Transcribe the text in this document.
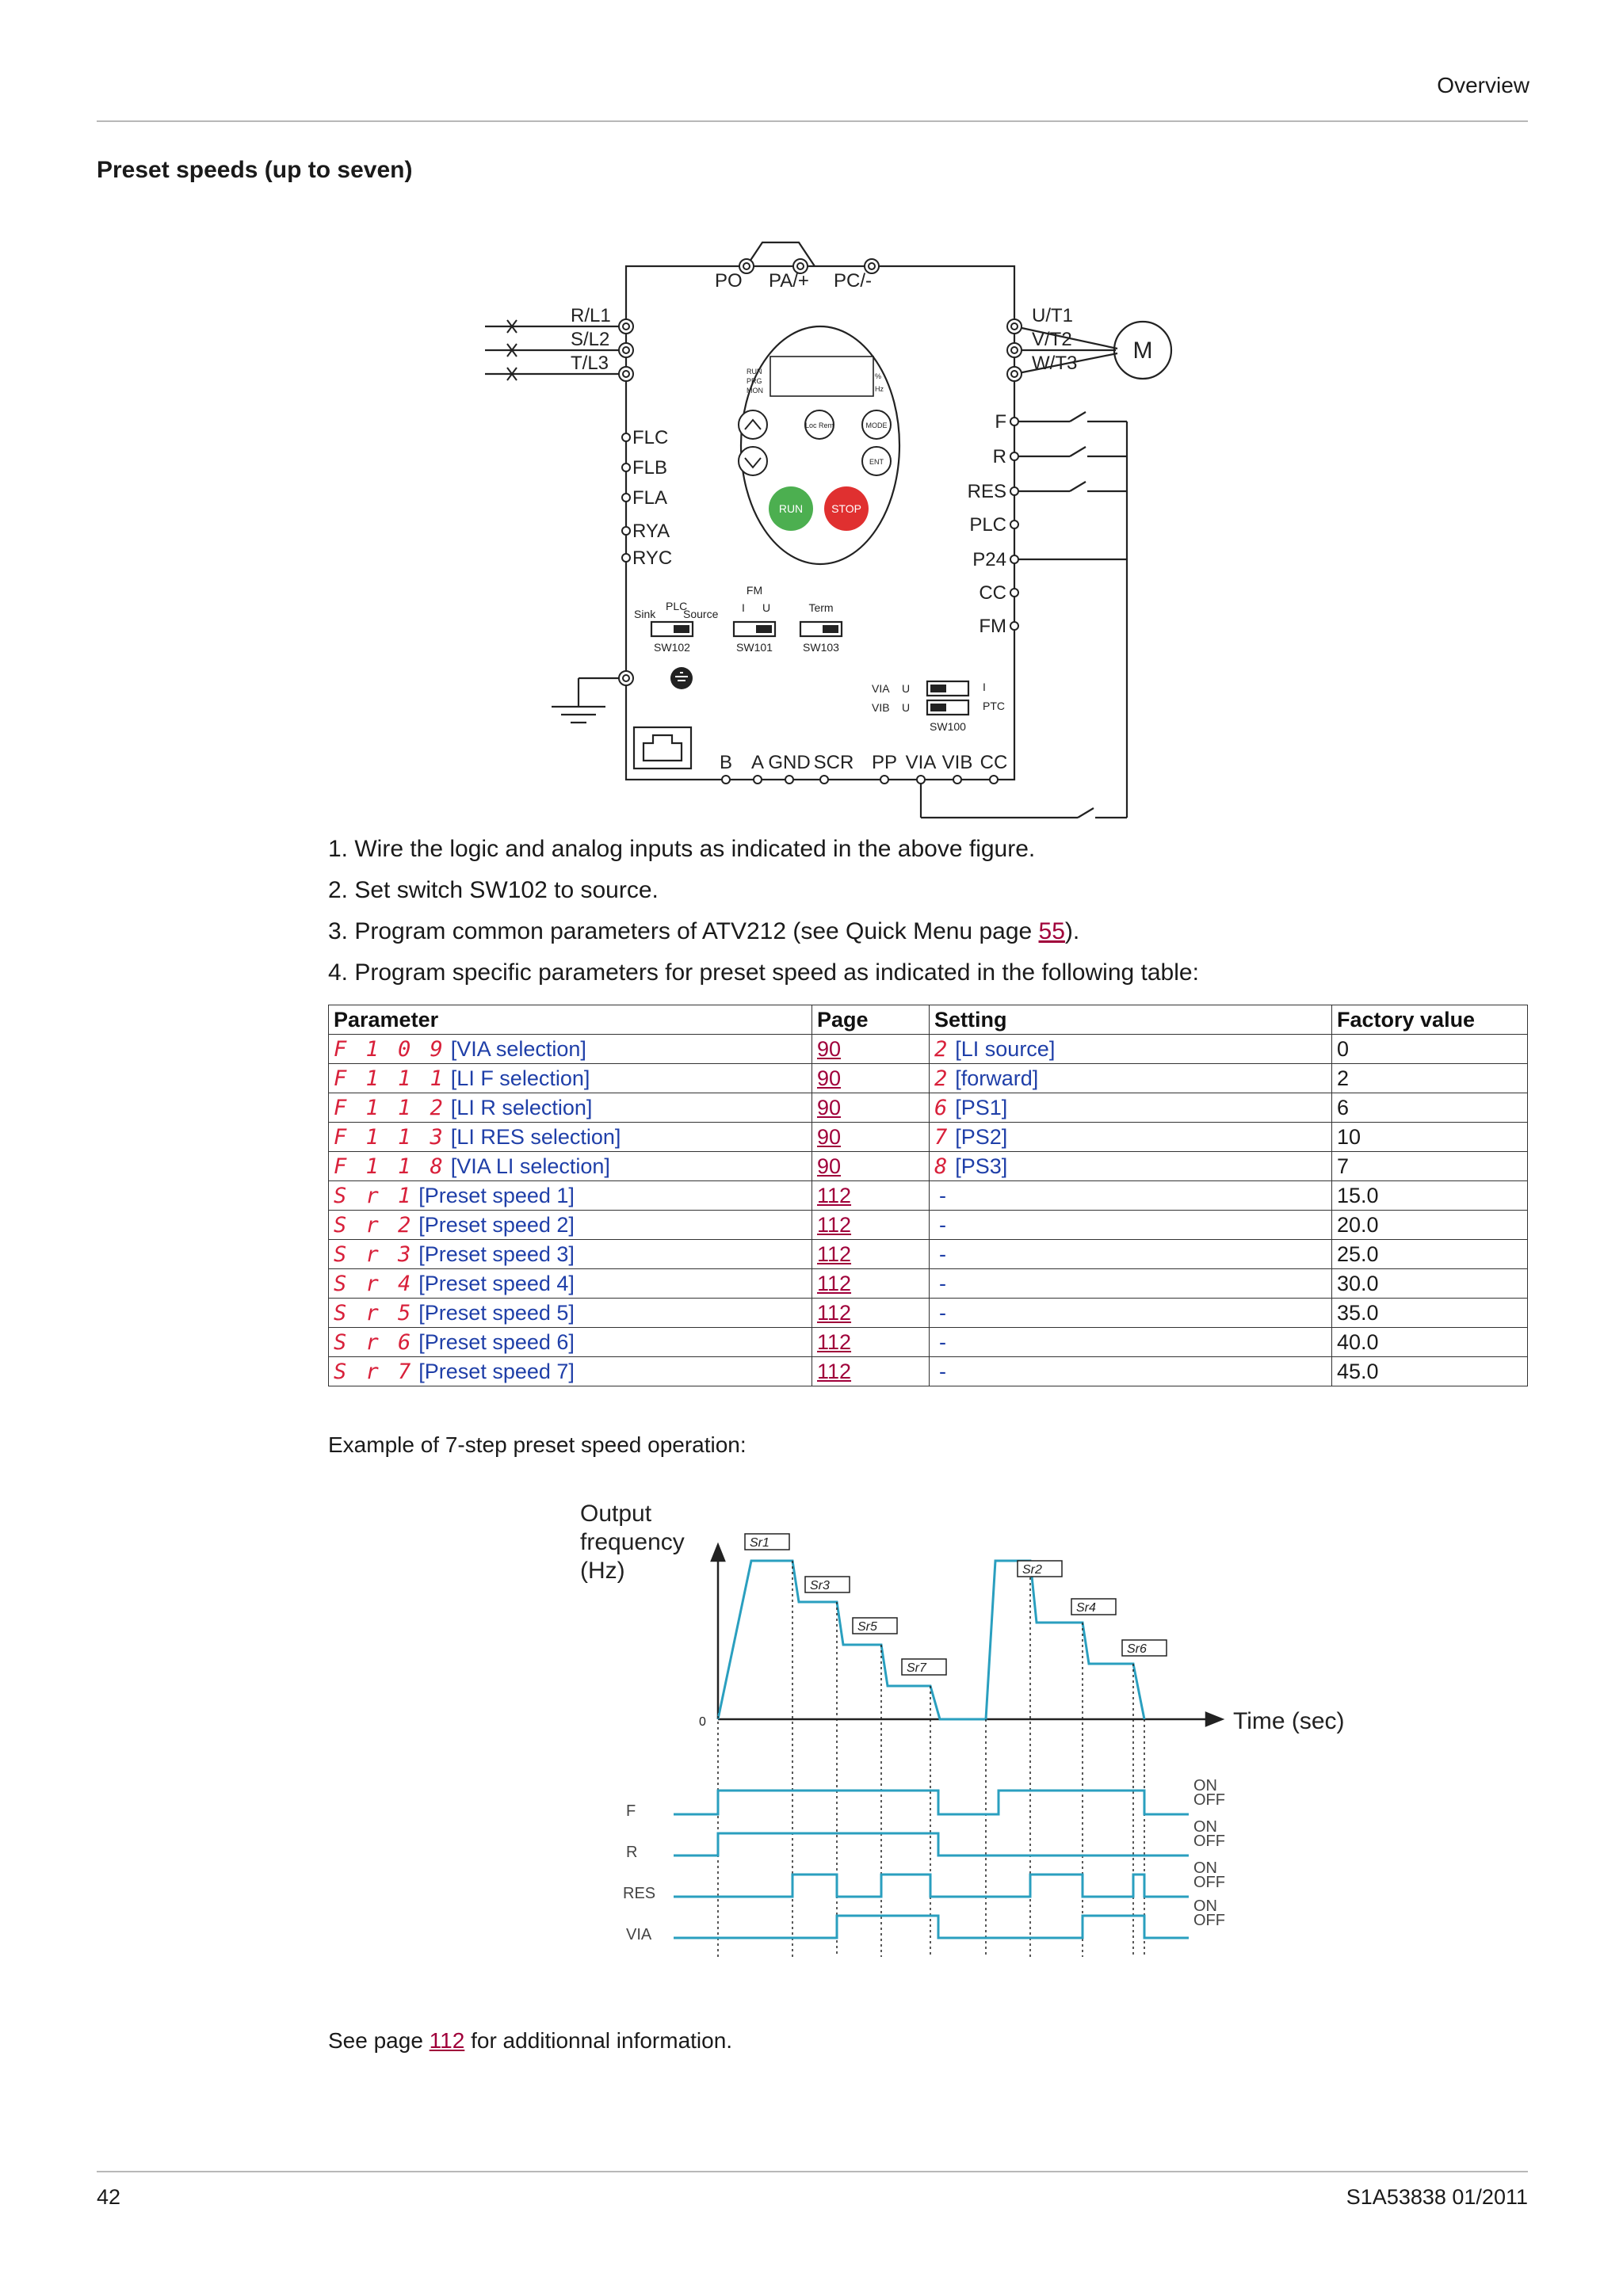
Overview
Preset speeds (up to seven)
PO PA/+ PC/-
R/L1
S/L2
T/L3
U/T1
V/T2
W/T3
FLC
FLB
FLA
RYA
RYC
F
R
RES
PLC
P24
CC
FM
B A GND SCR PP VIA VIB CC
M
RUN
PRG
MON
%
Hz
Loc Rem	MODE
ENT
RUN	STOP
PLC
Sink Source
SW102
FM
I U
SW101
Term
SW103
VIA
VIB
U
U
I
PTC
SW100
1. Wire the logic and analog inputs as indicated in the above figure.
2. Set switch SW102 to source.
3. Program common parameters of ATV212 (see Quick Menu page 55).
4. Program specific parameters for preset speed as indicated in the following table:
Parameter	Page	Setting	Factory value
F 1 0 9 [VIA selection]	90	2 [LI source]	0
F 1 1 1 [LI F selection]	90	2 [forward]	2
F 1 1 2 [LI R selection]	90	6 [PS1]	6
F 1 1 3 [LI RES selection]	90	7 [PS2]	10
F 1 1 8 [VIA LI selection]	90	8 [PS3]	7
S r 1 [Preset speed 1]	112	-	15.0
S r 2 [Preset speed 2]	112	-	20.0
S r 3 [Preset speed 3]	112	-	25.0
S r 4 [Preset speed 4]	112	-	30.0
S r 5 [Preset speed 5]	112	-	35.0
S r 6 [Preset speed 6]	112	-	40.0
S r 7 [Preset speed 7]	112	-	45.0
Example of 7-step preset speed operation:
Output
frequency
(Hz)
Time (sec)
0
Sr1
Sr3
Sr5
Sr7
Sr2
Sr4
Sr6
F
R
RES
VIA
ON
OFF
ON
OFF
ON
OFF
ON
OFF
See page 112 for additionnal information.
42	S1A53838 01/2011
